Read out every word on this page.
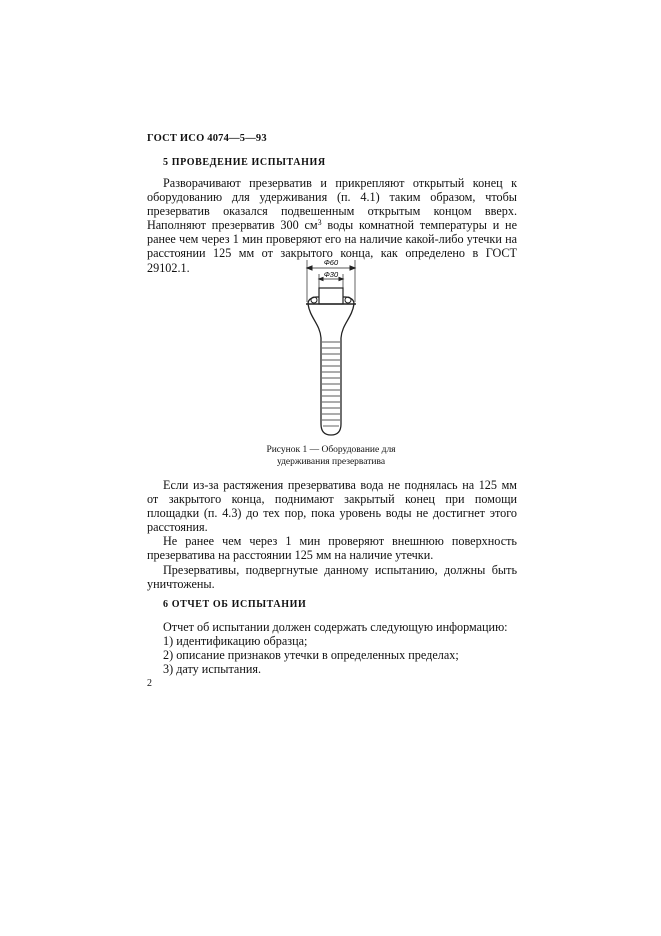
ГОСТ ИСО 4074—5—93
5 ПРОВЕДЕНИЕ ИСПЫТАНИЯ

Разворачивают презерватив и прикрепляют открытый конец к оборудованию для удерживания (п. 4.1) таким образом, чтобы презерватив оказался подвешенным открытым концом вверх. Наполняют презерватив 300 $см^3$ воды комнатной температуры и не ранее чем через 1 мин проверяют его на наличие какой-либо утечки на расстоянии 125 мм от закрытого конца, как определено в ГОСТ 29102.1.	Ф60
Ф30
Рисунок 1 — Оборудование для
удерживания презерватива

Если из-за растяжения презерватива вода не поднялась на 125 мм от закрытого конца, поднимают закрытый конец при помощи площадки (п. 4.3) до тех пор, пока уровень воды не достигнет этого расстояния.

Не ранее чем через 1 мин проверяют внешнюю поверхность презерватива на расстоянии 125 мм на наличие утечки.

Презервативы, подвергнутые данному испытанию, должны быть уничтожены.

6 ОТЧЕТ ОБ ИСПЫТАНИИ
Отчет об испытании должен содержать следующую информацию:
1) идентификацию образца;
2) описание признаков утечки в определенных пределах;
3) дату испытания.
2
